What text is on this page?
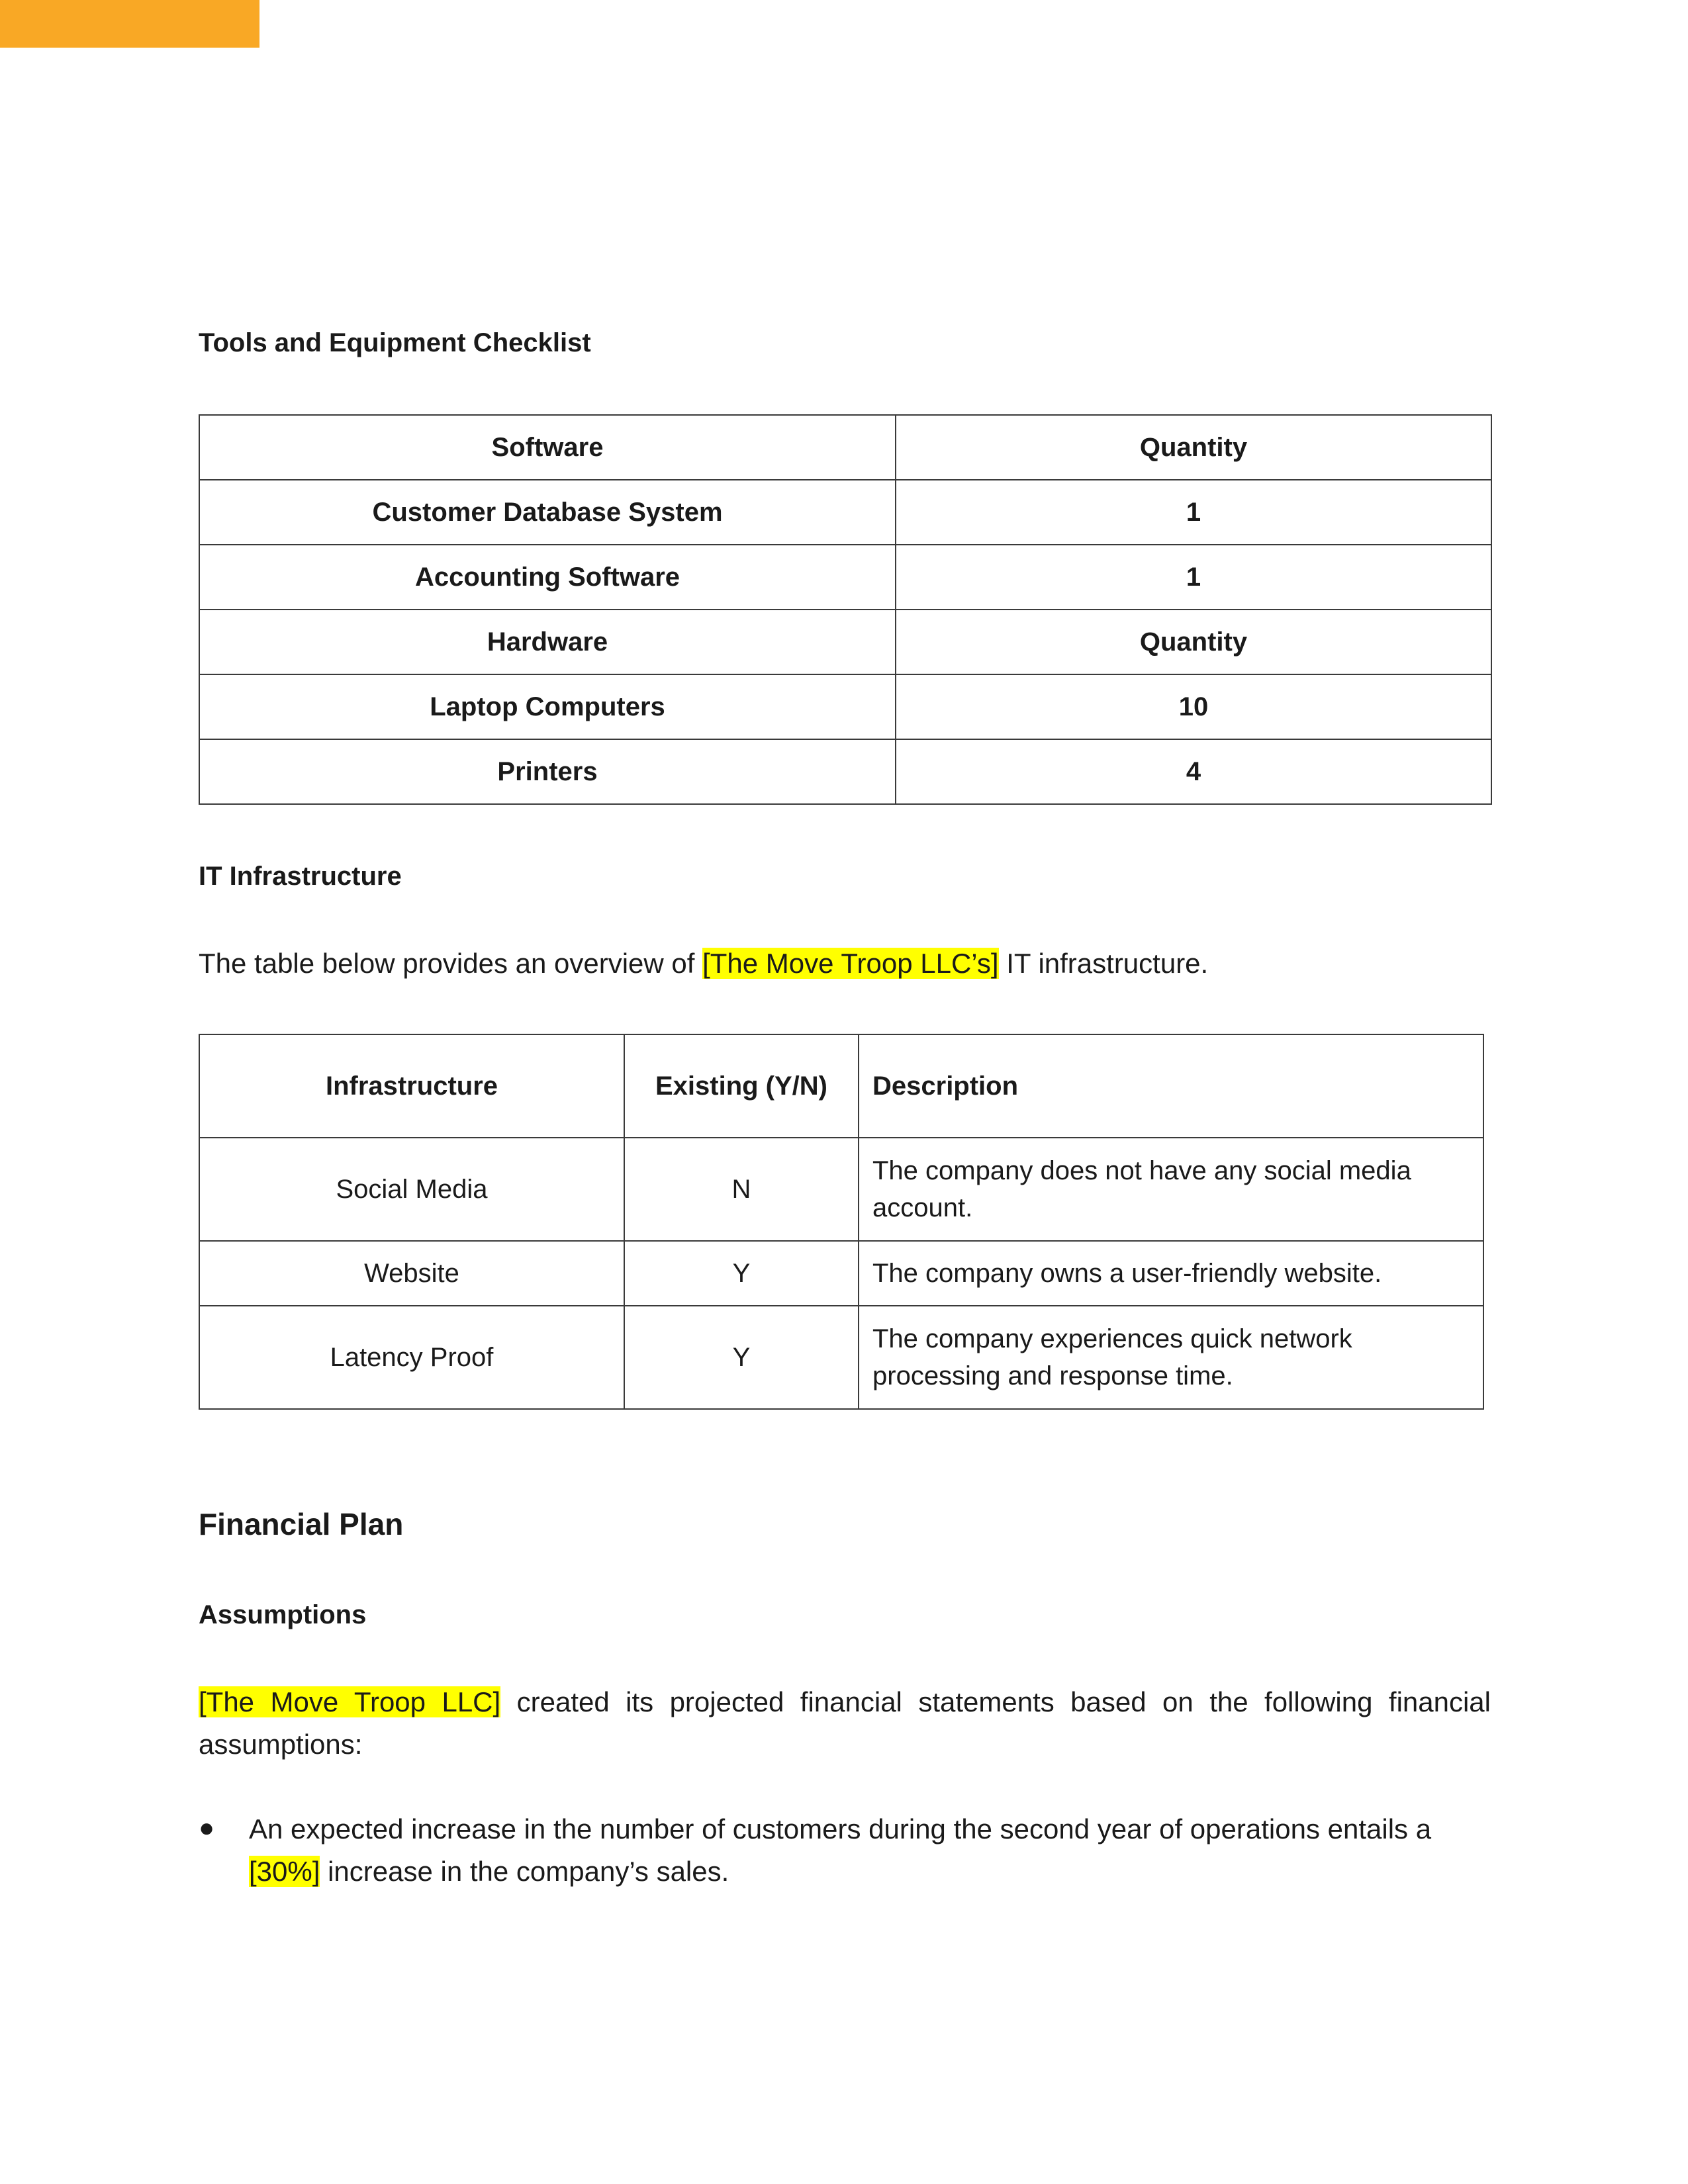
Tools and Equipment Checklist
Software	Quantity
Customer Database System	1
Accounting Software	1
Hardware	Quantity
Laptop Computers	10
Printers	4
IT Infrastructure
The table below provides an overview of [The Move Troop LLC’s] IT infrastructure.
Infrastructure	Existing (Y/N)	Description
Social Media	N	The company does not have any social media account.
Website	Y	The company owns a user-friendly website.
Latency Proof	Y	The company experiences quick network processing and response time.
Financial Plan
Assumptions
[The Move Troop LLC] created its projected financial statements based on the following financial assumptions:
● An expected increase in the number of customers during the second year of operations entails a [30%] increase in the company’s sales.
